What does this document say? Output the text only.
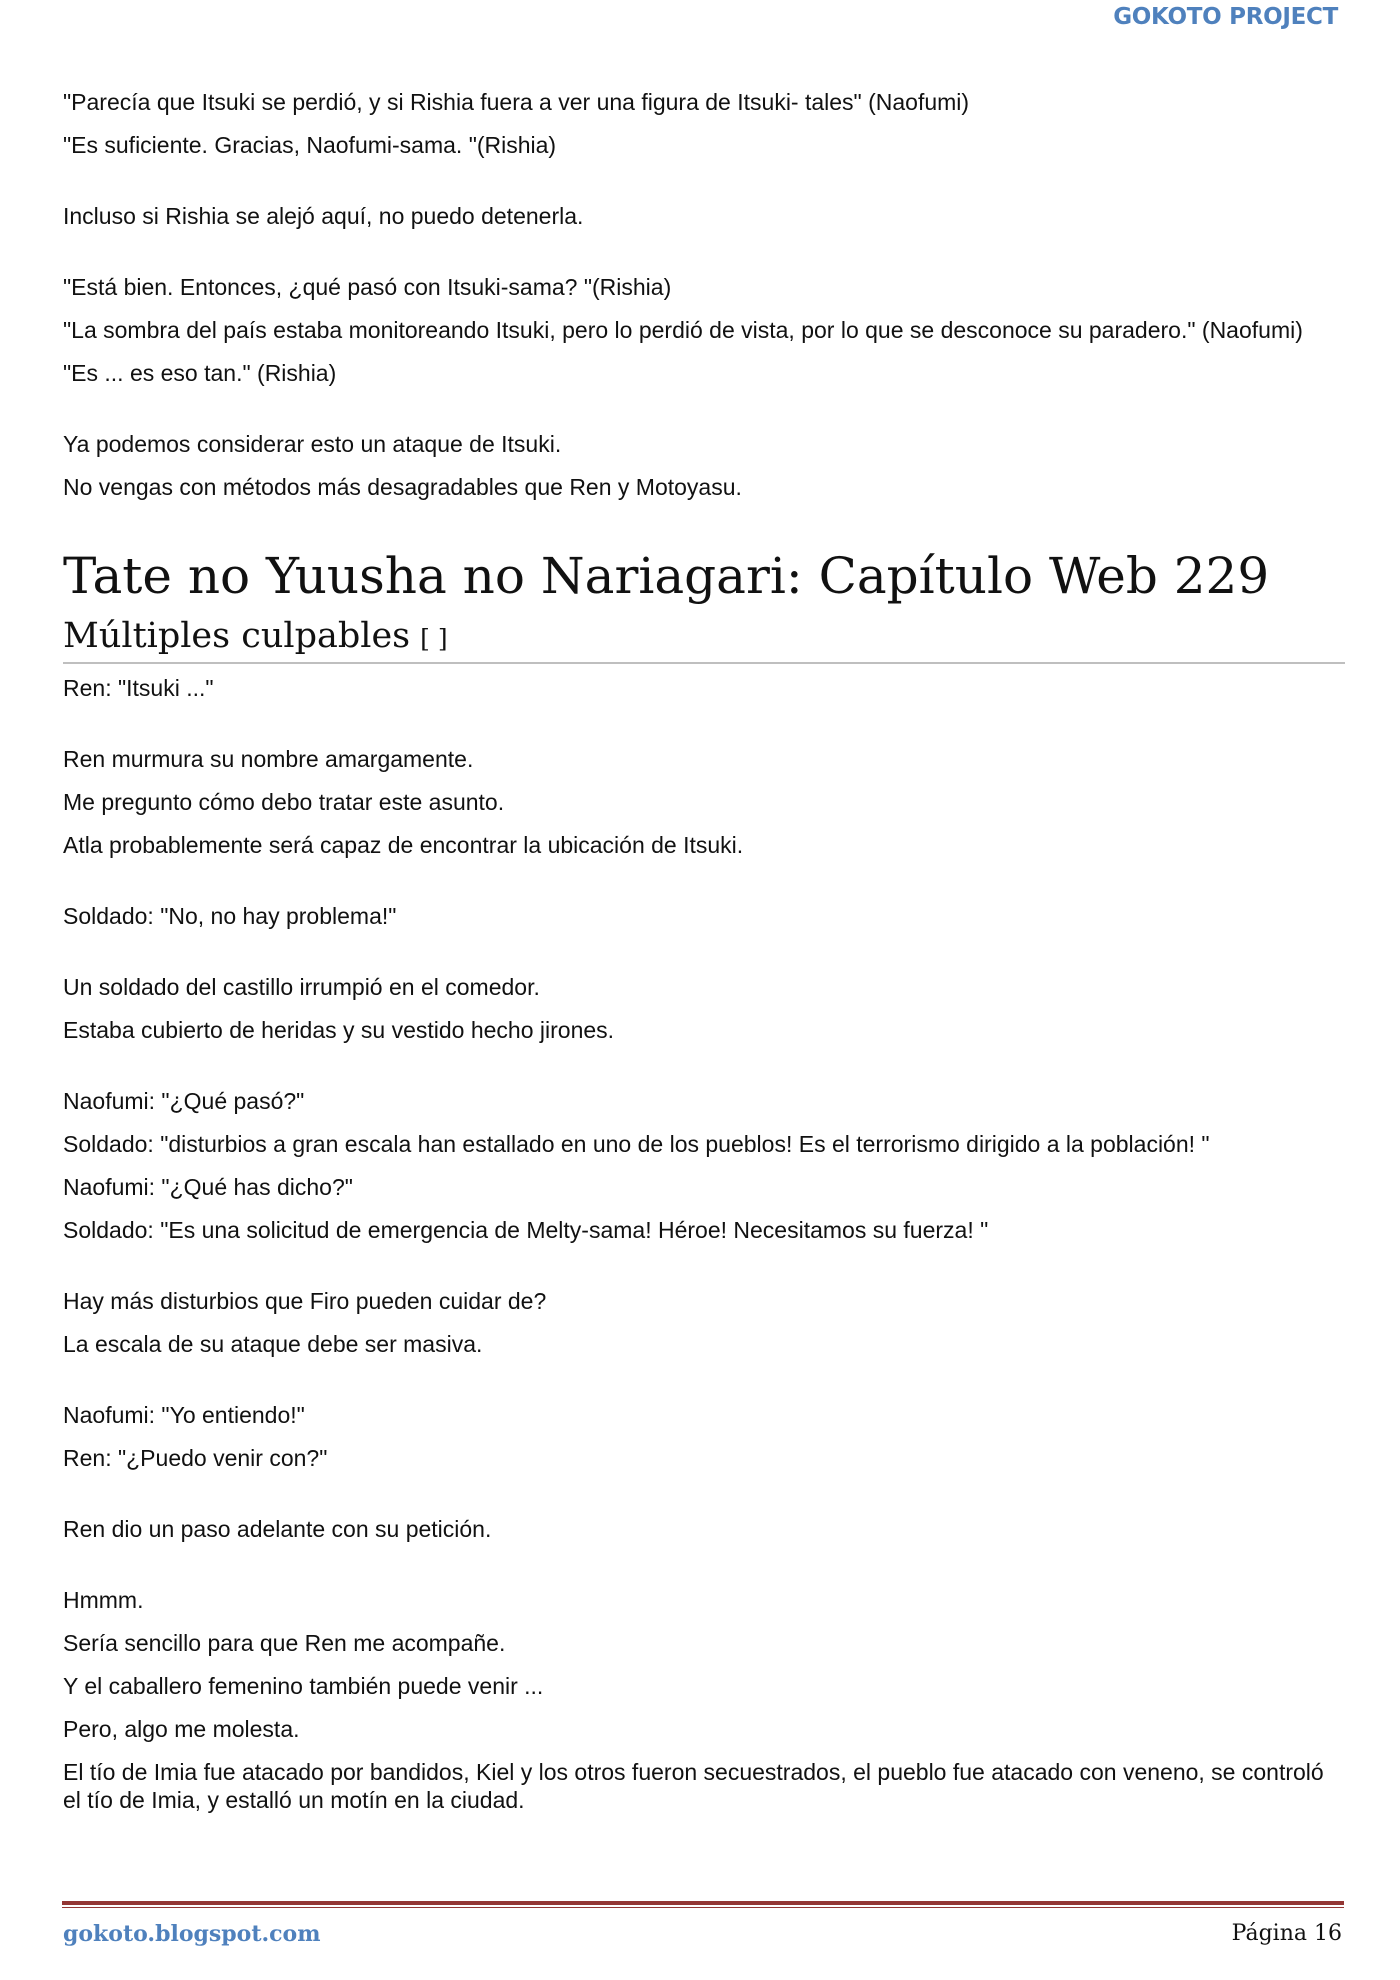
GOKOTO PROJECT

"Parecía que Itsuki se perdió, y si Rishia fuera a ver una figura de Itsuki- tales" (Naofumi)

"Es suficiente. Gracias, Naofumi-sama. "(Rishia)

Incluso si Rishia se alejó aquí, no puedo detenerla.

"Está bien. Entonces, ¿qué pasó con Itsuki-sama? "(Rishia)

"La sombra del país estaba monitoreando Itsuki, pero lo perdió de vista, por lo que se desconoce su paradero." (Naofumi)

"Es ... es eso tan." (Rishia)

Ya podemos considerar esto un ataque de Itsuki.

No vengas con métodos más desagradables que Ren y Motoyasu.

Tate no Yuusha no Nariagari: Capítulo Web 229
Múltiples culpables [ ]

Ren: "Itsuki ..."

Ren murmura su nombre amargamente.

Me pregunto cómo debo tratar este asunto.

Atla probablemente será capaz de encontrar la ubicación de Itsuki.

Soldado: "No, no hay problema!"

Un soldado del castillo irrumpió en el comedor.

Estaba cubierto de heridas y su vestido hecho jirones.

Naofumi: "¿Qué pasó?"

Soldado: "disturbios a gran escala han estallado en uno de los pueblos! Es el terrorismo dirigido a la población! "

Naofumi: "¿Qué has dicho?"

Soldado: "Es una solicitud de emergencia de Melty-sama! Héroe! Necesitamos su fuerza! "

Hay más disturbios que Firo pueden cuidar de?

La escala de su ataque debe ser masiva.

Naofumi: "Yo entiendo!"

Ren: "¿Puedo venir con?"

Ren dio un paso adelante con su petición.

Hmmm.

Sería sencillo para que Ren me acompañe.

Y el caballero femenino también puede venir ...

Pero, algo me molesta.

El tío de Imia fue atacado por bandidos, Kiel y los otros fueron secuestrados, el pueblo fue atacado con veneno, se controló el tío de Imia, y estalló un motín en la ciudad.

gokoto.blogspot.com	Página 16
